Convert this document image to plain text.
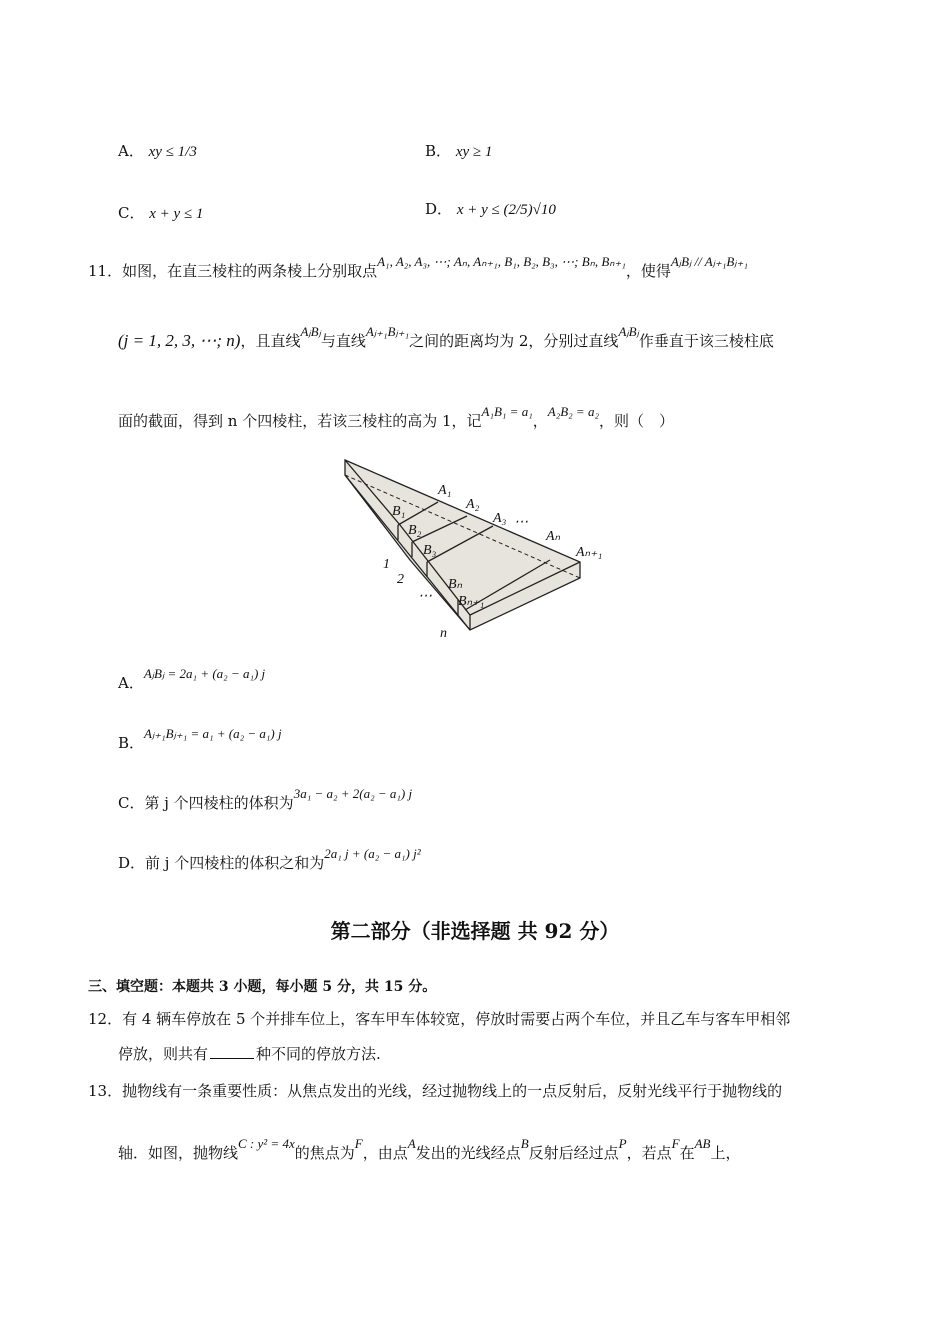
A． xy ≤ 1/3	B． xy ≥ 1
C． x + y ≤ 1	D． x + y ≤ (2/5)√10
11．如图，在直三棱柱的两条棱上分别取点A₁, A₂, A₃, ⋯; Aₙ, Aₙ₊₁, B₁, B₂, B₃, ⋯; Bₙ, Bₙ₊₁，使得AⱼBⱼ // Aⱼ₊₁Bⱼ₊₁
(j = 1, 2, 3, ⋯; n)，且直线AⱼBⱼ与直线Aⱼ₊₁Bⱼ₊₁之间的距离均为 2，分别过直线AⱼBⱼ作垂直于该三棱柱底
面的截面，得到 n 个四棱柱，若该三棱柱的高为 1，记A₁B₁ = a₁，A₂B₂ = a₂，则（　）
A₁
A₂
A₃ ⋯
Aₙ
Aₙ₊₁
B₁
B₂
B₃
Bₙ
Bₙ₊₁
1
2
⋯
n
A．AⱼBⱼ = 2a₁ + (a₂ − a₁) j
B．Aⱼ₊₁Bⱼ₊₁ = a₁ + (a₂ − a₁) j
C．第 j 个四棱柱的体积为3a₁ − a₂ + 2(a₂ − a₁) j
D．前 j 个四棱柱的体积之和为2a₁ j + (a₂ − a₁) j²
第二部分（非选择题 共 92 分）
三、填空题：本题共 3 小题，每小题 5 分，共 15 分。
12．有 4 辆车停放在 5 个并排车位上，客车甲车体较宽，停放时需要占两个车位，并且乙车与客车甲相邻
停放，则共有	种不同的停放方法.
13．抛物线有一条重要性质：从焦点发出的光线，经过抛物线上的一点反射后，反射光线平行于抛物线的
轴．如图，抛物线C : y² = 4x的焦点为F，由点A发出的光线经点B反射后经过点P，若点F在AB上，
